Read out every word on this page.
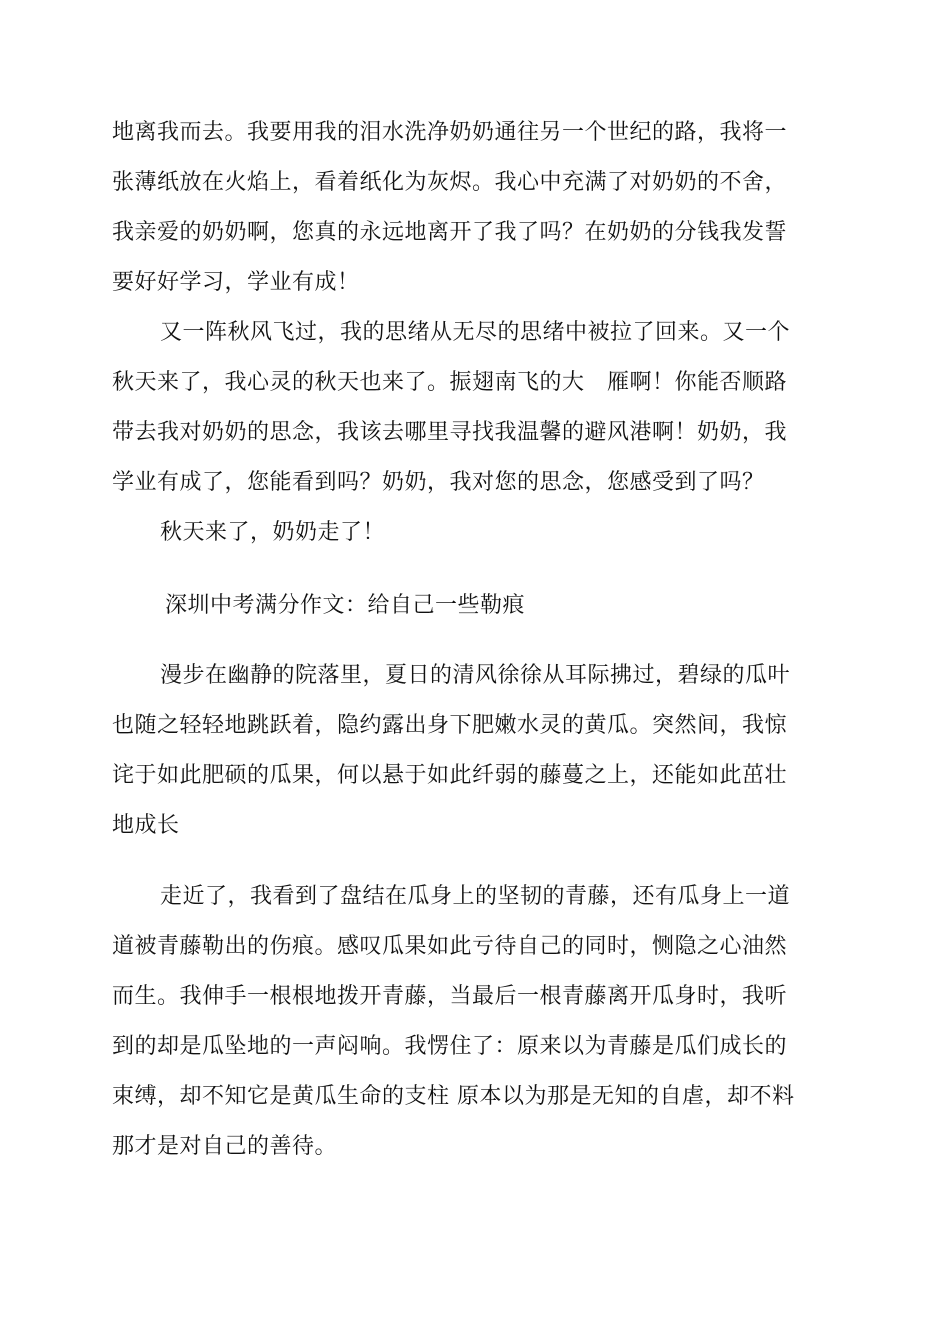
地离我而去。我要用我的泪水洗净奶奶通往另一个世纪的路，我将一
张薄纸放在火焰上，看着纸化为灰烬。我心中充满了对奶奶的不舍，
我亲爱的奶奶啊，您真的永远地离开了我了吗？在奶奶的分钱我发誓
要好好学习，学业有成！
又一阵秋风飞过，我的思绪从无尽的思绪中被拉了回来。又一个
秋天来了，我心灵的秋天也来了。振翅南飞的大　雁啊！你能否顺路
带去我对奶奶的思念，我该去哪里寻找我温馨的避风港啊！奶奶，我
学业有成了，您能看到吗？奶奶，我对您的思念，您感受到了吗？
秋天来了，奶奶走了！
深圳中考满分作文：给自己一些勒痕
漫步在幽静的院落里，夏日的清风徐徐从耳际拂过，碧绿的瓜叶
也随之轻轻地跳跃着，隐约露出身下肥嫩水灵的黄瓜。突然间，我惊
诧于如此肥硕的瓜果，何以悬于如此纤弱的藤蔓之上，还能如此茁壮
地成长
走近了，我看到了盘结在瓜身上的坚韧的青藤，还有瓜身上一道
道被青藤勒出的伤痕。感叹瓜果如此亏待自己的同时，恻隐之心油然
而生。我伸手一根根地拨开青藤，当最后一根青藤离开瓜身时，我听
到的却是瓜坠地的一声闷响。我愣住了：原来以为青藤是瓜们成长的
束缚，却不知它是黄瓜生命的支柱 原本以为那是无知的自虐，却不料
那才是对自己的善待。
